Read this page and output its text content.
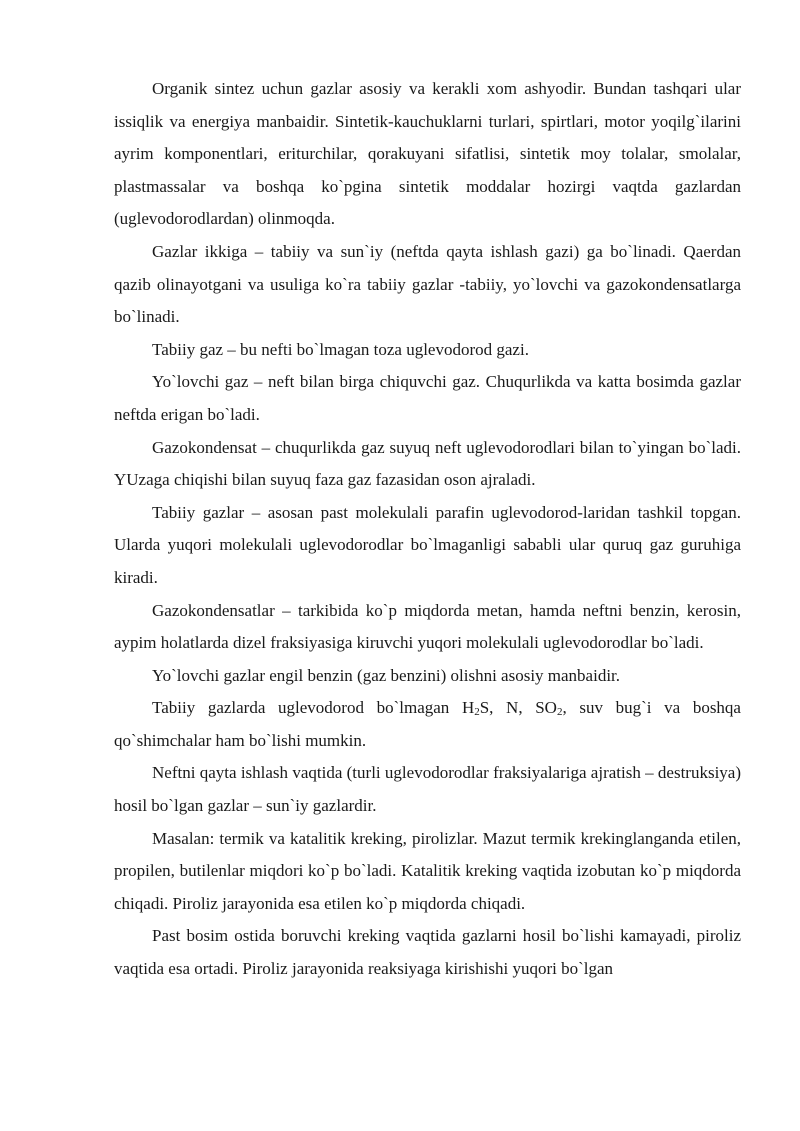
Organik sintez uchun gazlar asosiy va kerakli xom ashyodir. Bundan tashqari ular issiqlik va energiya manbaidir. Sintetik-kauchuklarni turlari, spirtlari, motor yoqilg`ilarini ayrim komponentlari, eriturchilar, qorakuyani sifatlisi, sintetik moy tolalar, smolalar, plastmassalar va boshqa ko`pgina sintetik moddalar hozirgi vaqtda gazlardan (uglevodorodlardan) olinmoqda.

Gazlar ikkiga – tabiiy va sun`iy (neftda qayta ishlash gazi) ga bo`linadi. Qaerdan qazib olinayotgani va usuliga ko`ra tabiiy gazlar -tabiiy, yo`lovchi va gazokondensatlarga bo`linadi.

Tabiiy gaz – bu nefti bo`lmagan toza uglevodorod gazi.

Yo`lovchi gaz – neft bilan birga chiquvchi gaz. Chuqurlikda va katta bosimda gazlar neftda erigan bo`ladi.

Gazokondensat – chuqurlikda gaz suyuq neft uglevodorodlari bilan to`yingan bo`ladi. YUzaga chiqishi bilan suyuq faza gaz fazasidan oson ajraladi.

Tabiiy gazlar – asosan past molekulali parafin uglevodorod-laridan tashkil topgan. Ularda yuqori molekulali uglevodorodlar bo`lmaganligi sababli ular quruq gaz guruhiga kiradi.

Gazokondensatlar – tarkibida ko`p miqdorda metan, hamda neftni benzin, kerosin, aypim holatlarda dizel fraksiyasiga kiruvchi yuqori molekulali uglevodorodlar bo`ladi.

Yo`lovchi gazlar engil benzin (gaz benzini) olishni asosiy manbaidir.

Tabiiy gazlarda uglevodorod bo`lmagan $H_2S$, N, $SO_2$, suv bug`i va boshqa qo`shimchalar ham bo`lishi mumkin.

Neftni qayta ishlash vaqtida (turli uglevodorodlar fraksiyalariga ajratish – destruksiya) hosil bo`lgan gazlar – sun`iy gazlardir.

Masalan: termik va katalitik kreking, pirolizlar. Mazut termik krekinglanganda etilen, propilen, butilenlar miqdori ko`p bo`ladi. Katalitik kreking vaqtida izobutan ko`p miqdorda chiqadi. Piroliz jarayonida esa etilen ko`p miqdorda chiqadi.

Past bosim ostida boruvchi kreking vaqtida gazlarni hosil bo`lishi kamayadi, piroliz vaqtida esa ortadi. Piroliz jarayonida reaksiyaga kirishishi yuqori bo`lgan
